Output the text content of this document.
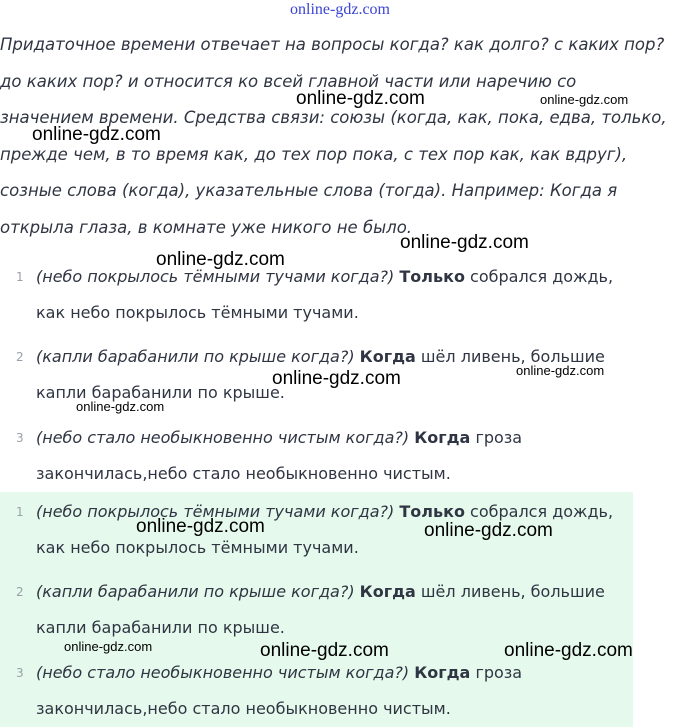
online-gdz.com

Придаточное времени отвечает на вопросы когда? как долго? с каких пор? до каких пор? и относится ко всей главной части или наречию со значением времени. Средства связи: союзы (когда, как, пока, едва, только, прежде чем, в то время как, до тех пор пока, с тех пор как, как вдруг), созные слова (когда), указательные слова (тогда). Например: Когда я открыла глаза, в комнате уже никого не было.

1 (небо покрылось тёмными тучами когда?) Только собрался дождь, как небо покрылось тёмными тучами.
2 (капли барабанили по крыше когда?) Когда шёл ливень, большие капли барабанили по крыше.
3 (небо стало необыкновенно чистым когда?) Когда гроза закончилась,небо стало необыкновенно чистым.
1 (небо покрылось тёмными тучами когда?) Только собрался дождь, как небо покрылось тёмными тучами.
2 (капли барабанили по крыше когда?) Когда шёл ливень, большие капли барабанили по крыше.
3 (небо стало необыкновенно чистым когда?) Когда гроза закончилась,небо стало необыкновенно чистым.
online-gdz.com	online-gdz.com
online-gdz.com
online-gdz.com
online-gdz.com
online-gdz.com	online-gdz.com
online-gdz.com
online-gdz.com	online-gdz.com
online-gdz.com	online-gdz.com	online-gdz.com
